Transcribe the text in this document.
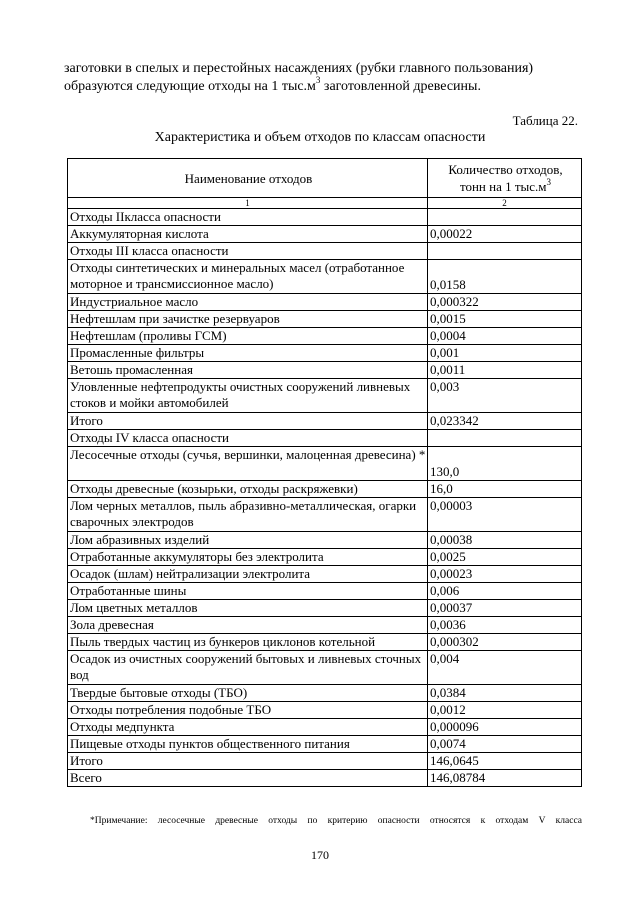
заготовки в спелых и перестойных насаждениях (рубки главного пользования)
образуются следующие отходы на 1 $тыс.м^3$ заготовленной древесины.
Таблица 22.
Характеристика и объем отходов по классам опасности
Наименование отходов	Количество отходов,
тонн на 1 $тыс.м^3$
1	2
Отходы IIкласса опасности	
Аккумуляторная кислота	0,00022
Отходы III класса опасности	
Отходы синтетических и минеральных масел (отработанное моторное и трансмиссионное масло)	0,0158
Индустриальное масло	0,000322
Нефтешлам при зачистке резервуаров	0,0015
Нефтешлам (проливы ГСМ)	0,0004
Промасленные фильтры	0,001
Ветошь промасленная	0,0011
Уловленные нефтепродукты очистных сооружений ливневых стоков и мойки автомобилей	0,003
Итого	0,023342
Отходы IV класса опасности	
Лесосечные отходы (сучья, вершинки, малоценная древесина) *	130,0
Отходы древесные (козырьки, отходы раскряжевки)	16,0
Лом черных металлов, пыль абразивно-металлическая, огарки сварочных электродов	0,00003
Лом абразивных изделий	0,00038
Отработанные аккумуляторы без электролита	0,0025
Осадок (шлам) нейтрализации электролита	0,00023
Отработанные шины	0,006
Лом цветных металлов	0,00037
Зола древесная	0,0036
Пыль твердых частиц из бункеров циклонов котельной	0,000302
Осадок из очистных сооружений бытовых и ливневых сточных вод	0,004
Твердые бытовые отходы (ТБО)	0,0384
Отходы потребления подобные ТБО	0,0012
Отходы медпункта	0,000096
Пищевые отходы пунктов общественного питания	0,0074
Итого	146,0645
Всего	146,08784
*Примечание: лесосечные древесные отходы по критерию опасности относятся к отходам V класса
170
